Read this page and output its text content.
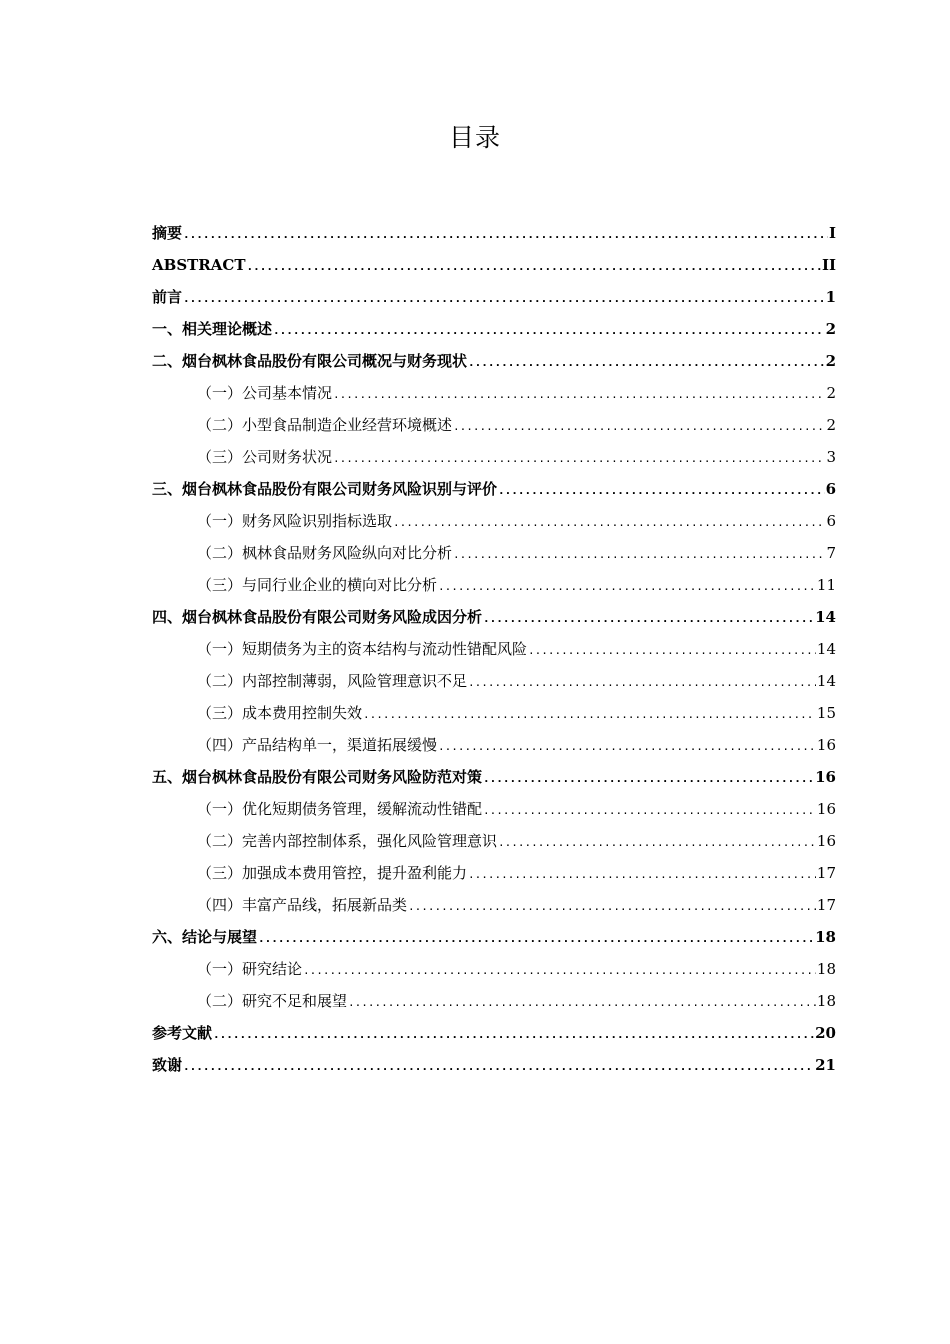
目录
摘要 .....	I
ABSTRACT .....	II
前言 .....	1
一、相关理论概述 .....	2
二、烟台枫林食品股份有限公司概况与财务现状 .....	2
（一） 公司基本情况 .....	2
（二） 小型食品制造企业经营环境概述 .....	2
（三） 公司财务状况 .....	3
三、烟台枫林食品股份有限公司财务风险识别与评价 .....	6
（一） 财务风险识别指标选取 .....	6
（二） 枫林食品财务风险纵向对比分析 .....	7
（三） 与同行业企业的横向对比分析 .....	11
四、烟台枫林食品股份有限公司财务风险成因分析 .....	14
（一） 短期债务为主的资本结构与流动性错配风险 .....	14
（二） 内部控制薄弱，风险管理意识不足 .....	14
（三） 成本费用控制失效 .....	15
（四） 产品结构单一，渠道拓展缓慢 .....	16
五、烟台枫林食品股份有限公司财务风险防范对策 .....	16
（一） 优化短期债务管理，缓解流动性错配 .....	16
（二） 完善内部控制体系，强化风险管理意识 .....	16
（三） 加强成本费用管控，提升盈利能力 .....	17
（四） 丰富产品线，拓展新品类 .....	17
六、结论与展望 .....	18
（一） 研究结论 .....	18
（二） 研究不足和展望 .....	18
参考文献 .....	20
致谢 .....	21
